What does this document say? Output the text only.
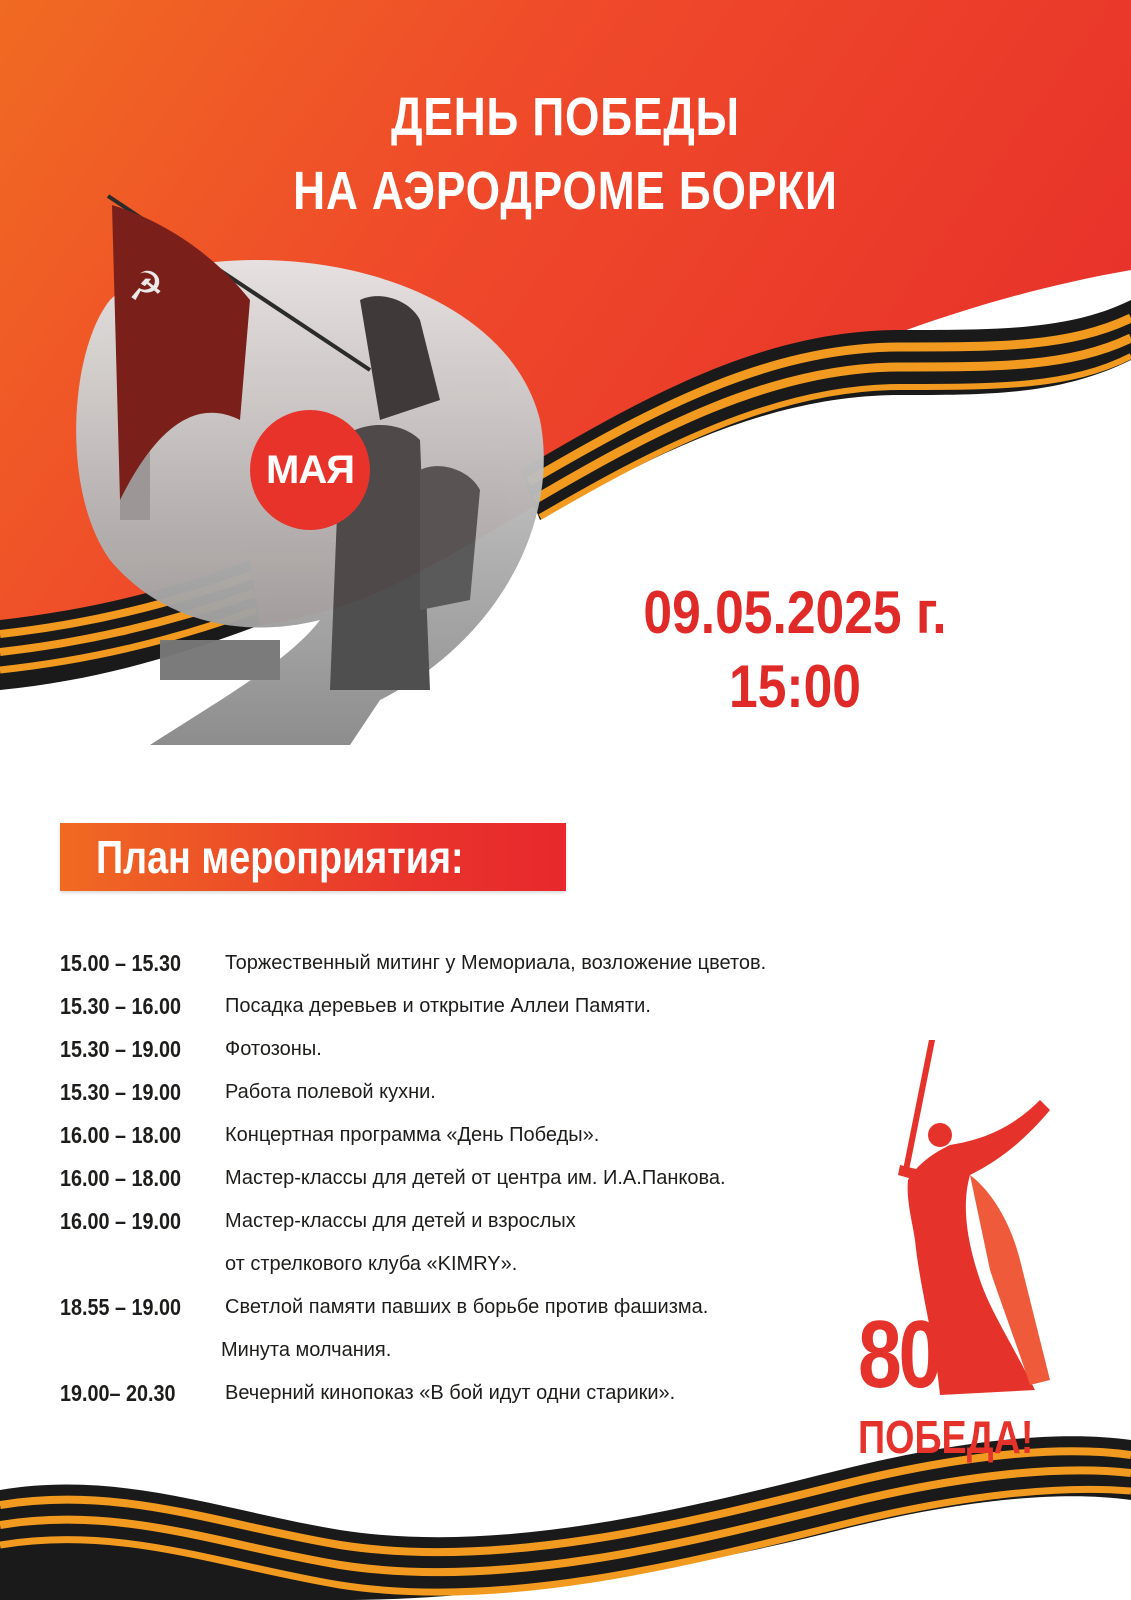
☭
ДЕНЬ ПОБЕДЫ
НА АЭРОДРОМЕ БОРКИ
МАЯ
09.05.2025 г.
15:00
План мероприятия:
15.00 – 15.30 Торжественный митинг у Мемориала, возложение цветов.
15.30 – 16.00 Посадка деревьев и открытие Аллеи Памяти.
15.30 – 19.00 Фотозоны.
15.30 – 19.00 Работа полевой кухни.
16.00 – 18.00 Концертная программа «День Победы».
16.00 – 18.00 Мастер-классы для детей от центра им. И.А.Панкова.
16.00 – 19.00 Мастер-классы для детей и взрослых
от стрелкового клуба «KIMRY».
18.55 – 19.00 Светлой памяти павших в борьбе против фашизма.
Минута молчания.
19.00– 20.30 Вечерний кинопоказ «В бой идут одни старики». 80
ПОБЕДА!
